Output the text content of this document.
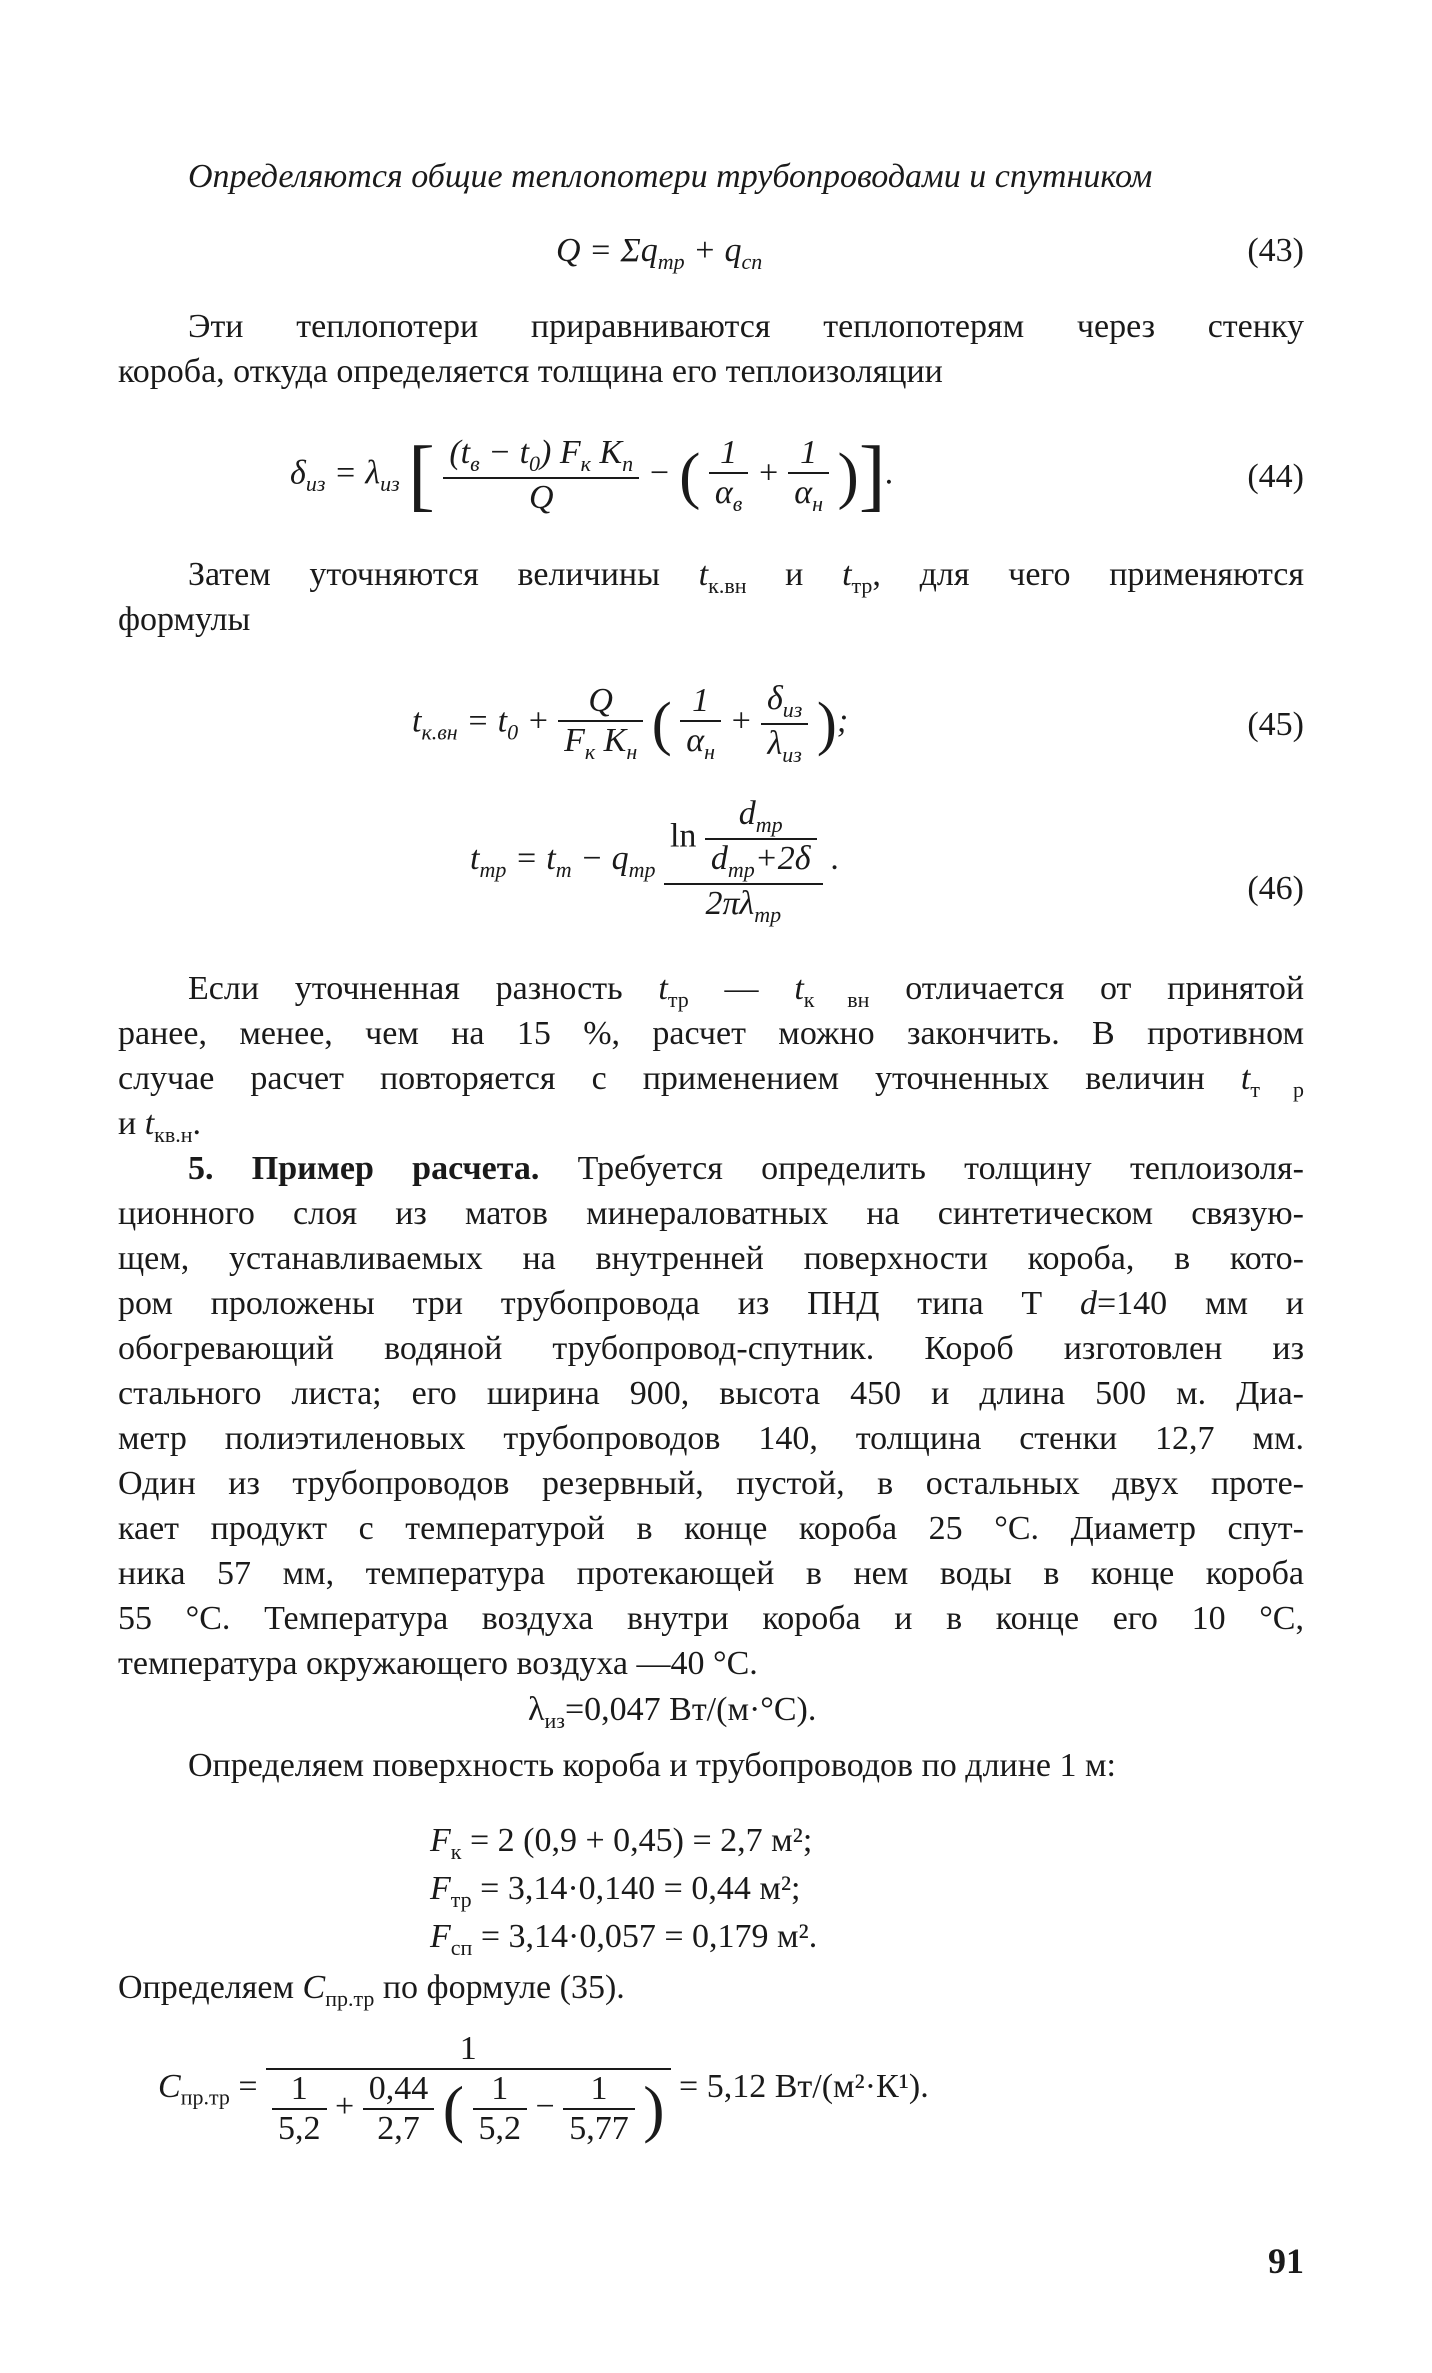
Определяются общие теплопотери трубопроводами и спутником
$Q = \Sigma q_{тр} + q_{сп}$	(43)
Эти теплопотери приравниваются теплопотерям через стенку
короба, откуда определяется толщина его теплоизоляции
$\delta_{из} = \lambda_{из}$ [ $\frac{(t_в - t_0) F_к K_п}{Q}$ − ( $\frac{1}{\alpha_в} + \frac{1}{\alpha_н}$ )].	(44)
Затем уточняются величины $t_{к.вн}$ и $t_{тр}$, для чего применяются
формулы
$t_{к.вн} = t_0 + \frac{Q}{F_к K_н}$ ( $\frac{1}{\alpha_н} + \frac{\delta_{из}}{\lambda_{из}}$ );	(45)
$t_{тр} = t_т - q_{тр} \frac{\ln \frac{d_{тр}}{d_{тр}+2\delta}}{2\pi\lambda_{тр}}$ .
(46)
Если уточненная разность $t_{тр}$ — $t_{к вн}$ отличается от принятой
ранее, менее, чем на 15 %, расчет можно закончить. В противном
случае расчет повторяется с применением уточненных величин $t_{т р}$
и $t_{кв.н}$.
5. Пример расчета. Требуется определить толщину теплоизоля-
ционного слоя из матов минераловатных на синтетическом связую-
щем, устанавливаемых на внутренней поверхности короба, в кото-
ром проложены три трубопровода из ПНД типа Т d=140 мм и
обогревающий водяной трубопровод-спутник. Короб изготовлен из
стального листа; его ширина 900, высота 450 и длина 500 м. Диа-
метр полиэтиленовых трубопроводов 140, толщина стенки 12,7 мм.
Один из трубопроводов резервный, пустой, в остальных двух проте-
кает продукт с температурой в конце короба 25 °С. Диаметр спут-
ника 57 мм, температура протекающей в нем воды в конце короба
55 °С. Температура воздуха внутри короба и в конце его 10 °С,
температура окружающего воздуха —40 °С.
$\lambda_{из}=0,047$ Вт/(м·°С).
Определяем поверхность короба и трубопроводов по длине 1 м:
$F_к = 2$ (0,9 + 0,45) = 2,7 м²;
$F_{тр} = 3,14\cdot 0,140 = 0,44$ м²;
$F_{сп} = 3,14\cdot 0,057 = 0,179$ м².
Определяем $С_{пр.тр}$ по формуле (35).
$С_{пр.тр} = \frac{1}{\frac{1}{5,2} + \frac{0,44}{2,7} ( \frac{1}{5,2} - \frac{1}{5,77} )} = 5,12$ Вт/(м²·К¹).
91
